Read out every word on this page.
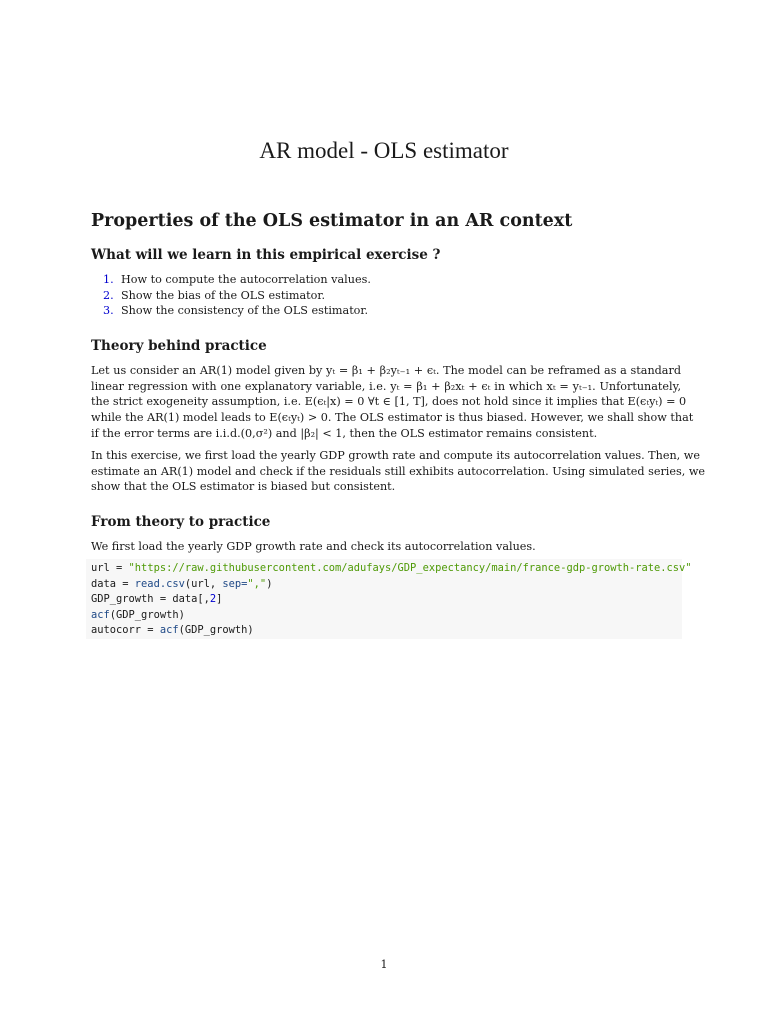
AR model - OLS estimator
Properties of the OLS estimator in an AR context
What will we learn in this empirical exercise ?
1. How to compute the autocorrelation values.
2. Show the bias of the OLS estimator.
3. Show the consistency of the OLS estimator.
Theory behind practice

Let us consider an AR(1) model given by yₜ = β₁ + β₂yₜ₋₁ + ϵₜ. The model can be reframed as a standard
linear regression with one explanatory variable, i.e. yₜ = β₁ + β₂xₜ + ϵₜ in which xₜ = yₜ₋₁. Unfortunately,
the strict exogeneity assumption, i.e. E(ϵₜ|x) = 0 ∀t ∈ [1, T], does not hold since it implies that E(ϵₜyₜ) = 0
while the AR(1) model leads to E(ϵₜyₜ) > 0. The OLS estimator is thus biased. However, we shall show that
if the error terms are i.i.d.(0,σ²) and |β₂| < 1, then the OLS estimator remains consistent.

In this exercise, we first load the yearly GDP growth rate and compute its autocorrelation values. Then, we
estimate an AR(1) model and check if the residuals still exhibits autocorrelation. Using simulated series, we
show that the OLS estimator is biased but consistent.

From theory to practice

We first load the yearly GDP growth rate and check its autocorrelation values.

url = "https://raw.githubusercontent.com/adufays/GDP_expectancy/main/france-gdp-growth-rate.csv"
data = read.csv(url, sep=",")
GDP_growth = data[,2]
acf(GDP_growth)
autocorr = acf(GDP_growth)
1
